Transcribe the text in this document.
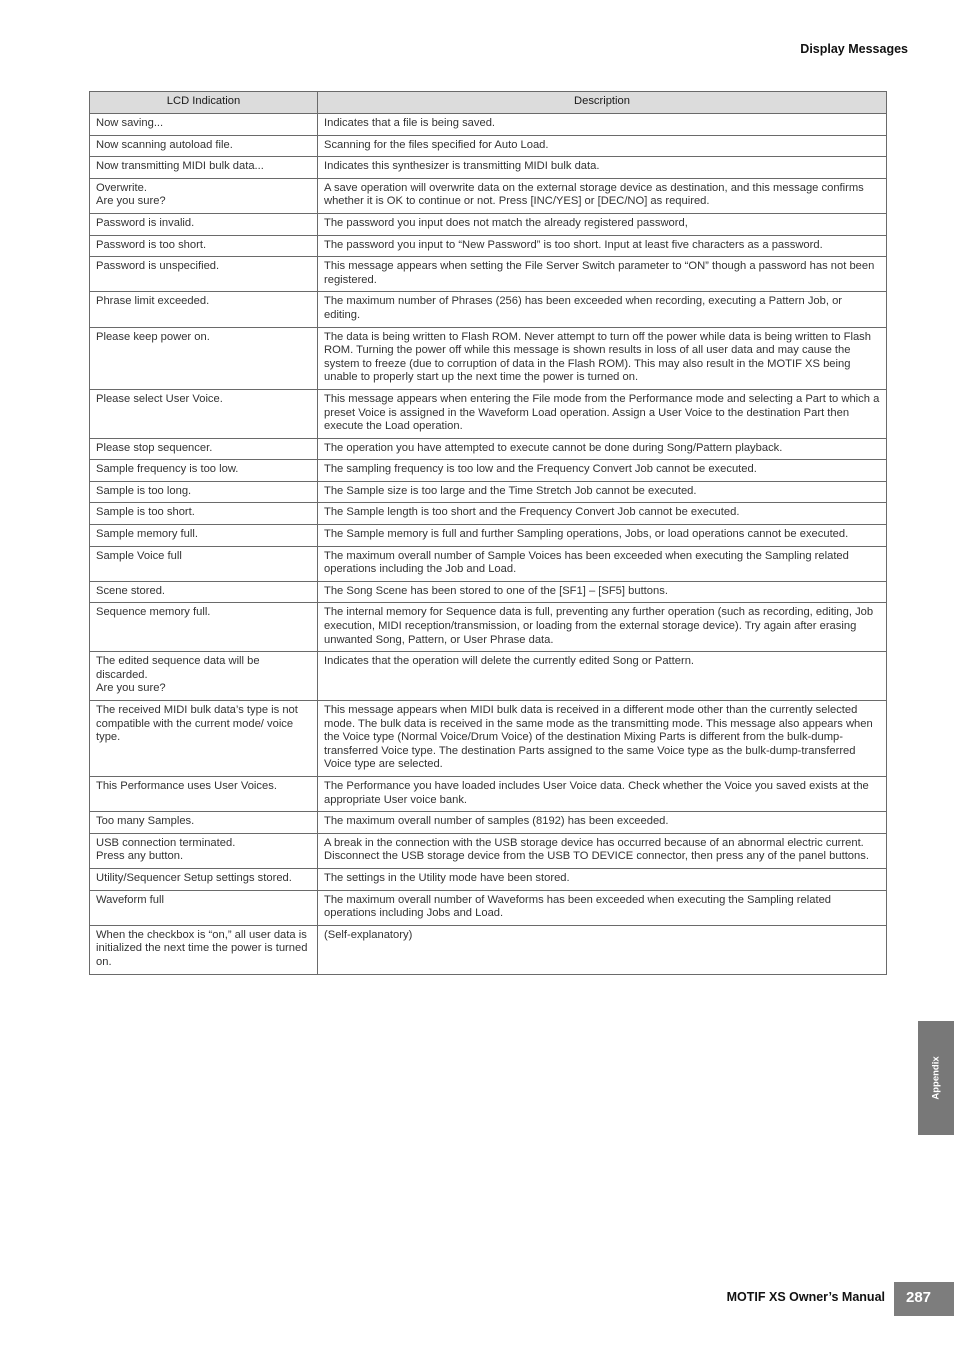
Display Messages
LCD Indication	Description
Now saving...	Indicates that a file is being saved.
Now scanning autoload file.	Scanning for the files specified for Auto Load.
Now transmitting MIDI bulk data...	Indicates this synthesizer is transmitting MIDI bulk data.
Overwrite.
Are you sure?	A save operation will overwrite data on the external storage device as destination, and this message confirms whether it is OK to continue or not. Press [INC/YES] or [DEC/NO] as required.
Password is invalid.	The password you input does not match the already registered password,
Password is too short.	The password you input to “New Password” is too short. Input at least five characters as a password.
Password is unspecified.	This message appears when setting the File Server Switch parameter to “ON” though a password has not been registered.
Phrase limit exceeded.	The maximum number of Phrases (256) has been exceeded when recording, executing a Pattern Job, or editing.
Please keep power on.	The data is being written to Flash ROM. Never attempt to turn off the power while data is being written to Flash ROM. Turning the power off while this message is shown results in loss of all user data and may cause the system to freeze (due to corruption of data in the Flash ROM). This may also result in the MOTIF XS being unable to properly start up the next time the power is turned on.
Please select User Voice.	This message appears when entering the File mode from the Performance mode and selecting a Part to which a preset Voice is assigned in the Waveform Load operation. Assign a User Voice to the destination Part then execute the Load operation.
Please stop sequencer.	The operation you have attempted to execute cannot be done during Song/Pattern playback.
Sample frequency is too low.	The sampling frequency is too low and the Frequency Convert Job cannot be executed.
Sample is too long.	The Sample size is too large and the Time Stretch Job cannot be executed.
Sample is too short.	The Sample length is too short and the Frequency Convert Job cannot be executed.
Sample memory full.	The Sample memory is full and further Sampling operations, Jobs, or load operations cannot be executed.
Sample Voice full	The maximum overall number of Sample Voices has been exceeded when executing the Sampling related operations including the Job and Load.
Scene stored.	The Song Scene has been stored to one of the [SF1] – [SF5] buttons.
Sequence memory full.	The internal memory for Sequence data is full, preventing any further operation (such as recording, editing, Job execution, MIDI reception/transmission, or loading from the external storage device). Try again after erasing unwanted Song, Pattern, or User Phrase data.
The edited sequence data will be discarded.
Are you sure?	Indicates that the operation will delete the currently edited Song or Pattern.
The received MIDI bulk data’s type is not compatible with the current mode/ voice type.	This message appears when MIDI bulk data is received in a different mode other than the currently selected mode. The bulk data is received in the same mode as the transmitting mode. This message also appears when the Voice type (Normal Voice/Drum Voice) of the destination Mixing Parts is different from the bulk-dump-transferred Voice type. The destination Parts assigned to the same Voice type as the bulk-dump-transferred Voice type are selected.
This Performance uses User Voices.	The Performance you have loaded includes User Voice data. Check whether the Voice you saved exists at the appropriate User voice bank.
Too many Samples.	The maximum overall number of samples (8192) has been exceeded.
USB connection terminated.
Press any button.	A break in the connection with the USB storage device has occurred because of an abnormal electric current. Disconnect the USB storage device from the USB TO DEVICE connector, then press any of the panel buttons.
Utility/Sequencer Setup settings stored.	The settings in the Utility mode have been stored.
Waveform full	The maximum overall number of Waveforms has been exceeded when executing the Sampling related operations including Jobs and Load.
When the checkbox is “on,” all user data is initialized the next time the power is turned on.	(Self-explanatory)
Appendix
MOTIF XS Owner’s Manual 287
